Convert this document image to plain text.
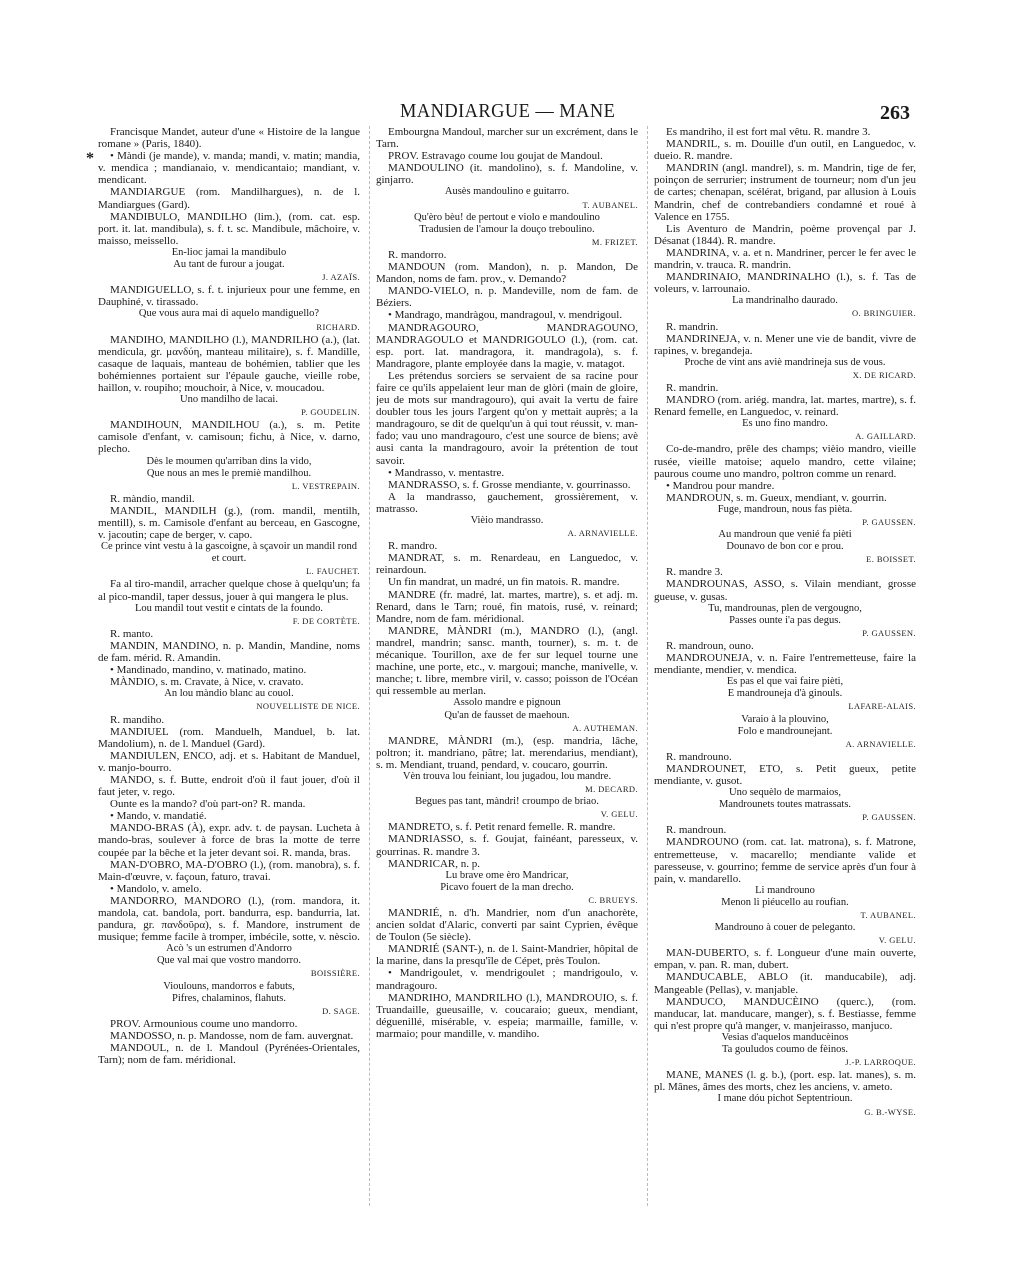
MANDIARGUE — MANE	263
*

Francisque Mandet, auteur d'une « Histoire de la langue romane » (Paris, 1840).

• Màndi (je mande), v. manda; mandi, v. matin; mandia, v. mendica ; mandianaio, v. mendicantaio; mandiant, v. mendicant.

MANDIARGUE (rom. Mandilhargues), n. de l. Mandiargues (Gard).

MANDIBULO, MANDILHO (lim.), (rom. cat. esp. port. it. lat. mandibula), s. f. t. sc. Mandibule, mâchoire, v. maisso, meissello.

En-lioc jamai la mandibulo

Au tant de furour a jougat.

J. AZAÏS.

MANDIGUELLO, s. f. t. injurieux pour une femme, en Dauphiné, v. tirassado.

Que vous aura mai di aquelo mandiguello?

RICHARD.

MANDIHO, MANDILHO (l.), MANDRILHO (a.), (lat. mendicula, gr. μανδύη, manteau militaire), s. f. Mandille, casaque de laquais, manteau de bohémien, tablier que les bohémiennes portaient sur l'épaule gauche, vieille robe, haillon, v. roupiho; mouchoir, à Nice, v. moucadou.

Uno mandilho de lacai.

P. GOUDELIN.

MANDIHOUN, MANDILHOU (a.), s. m. Petite camisole d'enfant, v. camisoun; fichu, à Nice, v. darno, plecho.

Dès le moumen qu'arriban dins la vido,

Que nous an mes le premiè mandilhou.

L. VESTREPAIN.

R. màndio, mandil.

MANDIL, MANDILH (g.), (rom. mandil, mentilh, mentill), s. m. Camisole d'enfant au berceau, en Gascogne, v. jacoutin; cape de berger, v. capo.

Ce prince vint vestu à la gascoigne, à sçavoir un mandil rond et court.

L. FAUCHET.

Fa al tiro-mandil, arracher quelque chose à quelqu'un; fa al pico-mandil, taper dessus, jouer à qui mangera le plus.

Lou mandil tout vestit e cintats de la foundo.

F. DE CORTÈTE.

R. manto.

MANDIN, MANDINO, n. p. Mandin, Mandine, noms de fam. mérid. R. Amandin.

• Mandinado, mandino, v. matinado, matino.

MÀNDIO, s. m. Cravate, à Nice, v. cravato.

An lou màndio blanc au couol.

NOUVELLISTE DE NICE.

R. mandiho.

MANDIUEL (rom. Manduelh, Manduel, b. lat. Mandolium), n. de l. Manduel (Gard).

MANDIULEN, ENCO, adj. et s. Habitant de Manduel, v. manjo-bourro.

MANDO, s. f. Butte, endroit d'où il faut jouer, d'où il faut jeter, v. rego.

Ounte es la mando? d'où part-on? R. manda.

• Mando, v. mandatié.

MANDO-BRAS (À), expr. adv. t. de paysan. Lucheta à mando-bras, soulever à force de bras la motte de terre coupée par la bêche et la jeter devant soi. R. manda, bras.

MAN-D'OBRO, MA-D'OBRO (l.), (rom. manobra), s. f. Main-d'œuvre, v. façoun, faturo, travai.

• Mandolo, v. amelo.

MANDORRO, MANDORO (l.), (rom. mandora, it. mandola, cat. bandola, port. bandurra, esp. bandurria, lat. pandura, gr. πανδοῦρα), s. f. Mandore, instrument de musique; femme facile à tromper, imbécile, sotte, v. nèscio.

Acò 's un estrumen d'Andorro

Que val mai que vostro mandorro.

BOISSIÈRE.

Vioulouns, mandorros e fabuts,

Pifres, chalaminos, flahuts.

D. SAGE.

PROV. Armounious coume uno mandorro.

MANDOSSO, n. p. Mandosse, nom de fam. auvergnat.

MANDOUL, n. de l. Mandoul (Pyrénées-Orientales, Tarn); nom de fam. méridional.

Embourgna Mandoul, marcher sur un excrément, dans le Tarn.

PROV. Estravago coume lou goujat de Mandoul.

MANDOULINO (it. mandolino), s. f. Mandoline, v. ginjarro.

Ausès mandoulino e guitarro.

T. AUBANEL.

Qu'èro bèu! de pertout e violo e mandoulino

Tradusien de l'amour la douço treboulino.

M. FRIZET.

R. mandorro.

MANDOUN (rom. Mandon), n. p. Mandon, De Mandon, noms de fam. prov., v. Demando?

MANDO-VIELO, n. p. Mandeville, nom de fam. de Béziers.

• Mandrago, mandràgou, mandragoul, v. mendrigoul.

MANDRAGOURO, MANDRAGOUNO, MANDRAGOULO et MANDRIGOULO (l.), (rom. cat. esp. port. lat. mandragora, it. mandragola), s. f. Mandragore, plante employée dans la magie, v. matagot.

Les prétendus sorciers se servaient de sa racine pour faire ce qu'ils appelaient leur man de glòri (main de gloire, jeu de mots sur mandragouro), qui avait la vertu de faire doubler tous les jours l'argent qu'on y mettait auprès; a la mandragouro, se dit de quelqu'un à qui tout réussit, v. man-fado; vau uno mandragouro, c'est une source de biens; avè ausi canta la mandragouro, avoir la prétention de tout savoir.

• Mandrasso, v. mentastre.

MANDRASSO, s. f. Grosse mendiante, v. gourrinasso.

A la mandrasso, gauchement, grossièrement, v. matrasso.

Vièio mandrasso.

A. ARNAVIELLE.

R. mandro.

MANDRAT, s. m. Renardeau, en Languedoc, v. reinardoun.

Un fin mandrat, un madré, un fin matois. R. mandre.

MANDRE (fr. madré, lat. martes, martre), s. et adj. m. Renard, dans le Tarn; roué, fin matois, rusé, v. reinard; Mandre, nom de fam. méridional.

MANDRE, MÀNDRI (m.), MANDRO (l.), (angl. mandrel, mandrin; sansc. manth, tourner), s. m. t. de mécanique. Tourillon, axe de fer sur lequel tourne une machine, une porte, etc., v. margoui; manche, manivelle, v. manche; t. libre, membre viril, v. casso; poisson de l'Océan qui ressemble au merlan.

Assolo mandre e pignoun

Qu'an de fausset de maehoun.

A. AUTHEMAN.

MANDRE, MÀNDRI (m.), (esp. mandria, lâche, poltron; it. mandriano, pâtre; lat. merendarius, mendiant), s. m. Mendiant, truand, pendard, v. coucaro, gourrin.

Vèn trouva lou feiniant, lou jugadou, lou mandre.

M. DECARD.

Begues pas tant, màndri! croumpo de briao.

V. GELU.

MANDRETO, s. f. Petit renard femelle. R. mandre.

MANDRIASSO, s. f. Goujat, fainéant, paresseux, v. gourrinas. R. mandre 3.

MANDRICAR, n. p.

Lu brave ome èro Mandricar,

Picavo fouert de la man drecho.

C. BRUEYS.

MANDRIÉ, n. d'h. Mandrier, nom d'un anachorète, ancien soldat d'Alaric, converti par saint Cyprien, évêque de Toulon (5e siècle).

MANDRIÉ (SANT-), n. de l. Saint-Mandrier, hôpital de la marine, dans la presqu'île de Cépet, près Toulon.

• Mandrigoulet, v. mendrigoulet ; mandrigoulo, v. mandragouro.

MANDRIHO, MANDRILHO (l.), MANDROUIO, s. f. Truandaille, gueusaille, v. coucaraio; gueux, mendiant, déguenillé, misérable, v. espeia; marmaille, famille, v. marmaio; pour mandille, v. mandiho.

Es mandriho, il est fort mal vêtu. R. mandre 3.

MANDRIL, s. m. Douille d'un outil, en Languedoc, v. dueio. R. mandre.

MANDRIN (angl. mandrel), s. m. Mandrin, tige de fer, poinçon de serrurier; instrument de tourneur; nom d'un jeu de cartes; chenapan, scélérat, brigand, par allusion à Louis Mandrin, chef de contrebandiers condamné et roué à Valence en 1755.

Lis Aventuro de Mandrin, poème provençal par J. Désanat (1844). R. mandre.

MANDRINA, v. a. et n. Mandriner, percer le fer avec le mandrin, v. trauca. R. mandrin.

MANDRINAIO, MANDRINALHO (l.), s. f. Tas de voleurs, v. larrounaio.

La mandrinalho daurado.

O. BRINGUIER.

R. mandrin.

MANDRINEJA, v. n. Mener une vie de bandit, vivre de rapines, v. bregandeja.

Proche de vint ans aviè mandrineja sus de vous.

X. DE RICARD.

R. mandrin.

MANDRO (rom. ariég. mandra, lat. martes, martre), s. f. Renard femelle, en Languedoc, v. reinard.

Es uno fino mandro.

A. GAILLARD.

Co-de-mandro, prêle des champs; vièio mandro, vieille rusée, vieille matoise; aquelo mandro, cette vilaine; paurous coume uno mandro, poltron comme un renard.

• Mandrou pour mandre.

MANDROUN, s. m. Gueux, mendiant, v. gourrin.

Fuge, mandroun, nous fas pièta.

P. GAUSSEN.

Au mandroun que venié fa pièti

Dounavo de bon cor e prou.

E. BOISSET.

R. mandre 3.

MANDROUNAS, ASSO, s. Vilain mendiant, grosse gueuse, v. gusas.

Tu, mandrounas, plen de vergougno,

Passes ounte i'a pas degus.

P. GAUSSEN.

R. mandroun, ouno.

MANDROUNEJA, v. n. Faire l'entremetteuse, faire la mendiante, mendier, v. mendica.

Es pas el que vai faire pièti,

E mandrouneja d'à ginouls.

LAFARE-ALAIS.

Varaio à la plouvino,

Folo e mandrounejant.

A. ARNAVIELLE.

R. mandrouno.

MANDROUNET, ETO, s. Petit gueux, petite mendiante, v. gusot.

Uno sequèlo de marmaios,

Mandrounets toutes matrassats.

P. GAUSSEN.

R. mandroun.

MANDROUNO (rom. cat. lat. matrona), s. f. Matrone, entremetteuse, v. macarello; mendiante valide et paresseuse, v. gourrino; femme de service après d'un four à pain, v. mandarello.

Li mandrouno

Menon li piéucello au roufian.

T. AUBANEL.

Mandrouno à couer de peleganto.

V. GELU.

MAN-DUBERTO, s. f. Longueur d'une main ouverte, empan, v. pan. R. man, dubert.

MANDUCABLE, ABLO (it. manducabile), adj. Mangeable (Pellas), v. manjable.

MANDUCO, MANDUCÈINO (querc.), (rom. manducar, lat. manducare, manger), s. f. Bestiasse, femme qui n'est propre qu'à manger, v. manjeirasso, manjuco.

Vesias d'aquelos manducèinos

Ta gouludos coumo de fèinos.

J.-P. LARROQUE.

MANE, MANES (l. g. b.), (port. esp. lat. manes), s. m. pl. Mânes, âmes des morts, chez les anciens, v. ameto.

I mane dóu pichot Septentrioun.

G. B.-WYSE.
